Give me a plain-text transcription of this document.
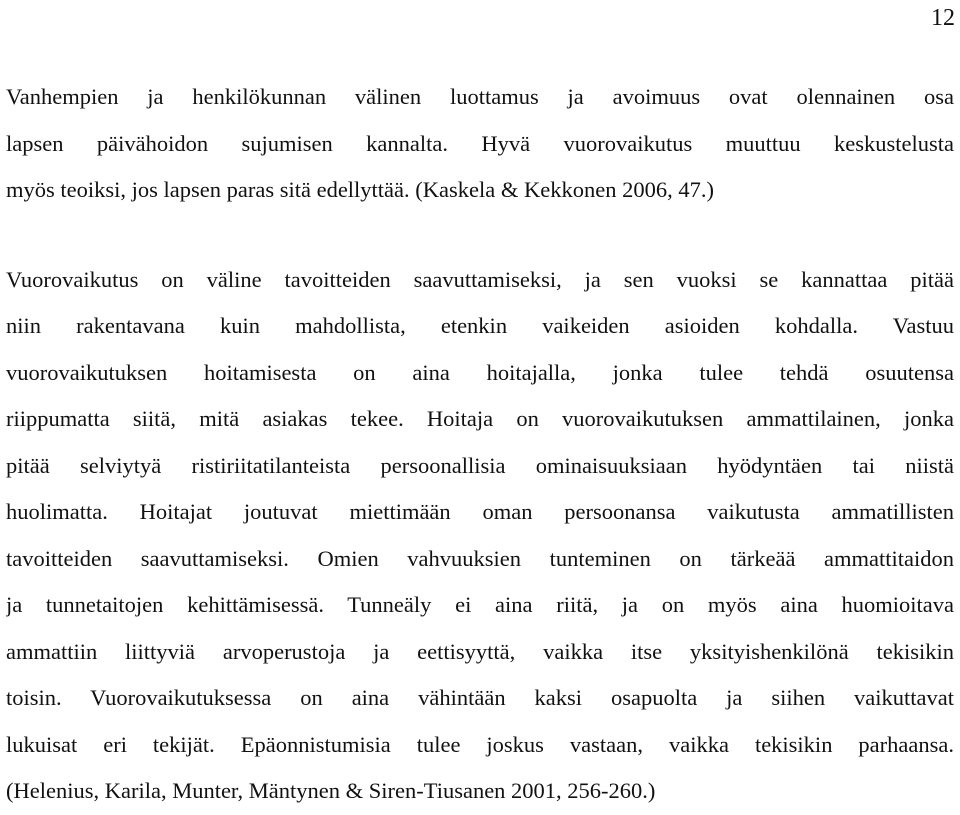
12
Vanhempien ja henkilökunnan välinen luottamus ja avoimuus ovat olennainen osa
lapsen päivähoidon sujumisen kannalta. Hyvä vuorovaikutus muuttuu keskustelusta
myös teoiksi, jos lapsen paras sitä edellyttää. (Kaskela & Kekkonen 2006, 47.)
Vuorovaikutus on väline tavoitteiden saavuttamiseksi, ja sen vuoksi se kannattaa pitää
niin rakentavana kuin mahdollista, etenkin vaikeiden asioiden kohdalla. Vastuu
vuorovaikutuksen hoitamisesta on aina hoitajalla, jonka tulee tehdä osuutensa
riippumatta siitä, mitä asiakas tekee. Hoitaja on vuorovaikutuksen ammattilainen, jonka
pitää selviytyä ristiriitatilanteista persoonallisia ominaisuuksiaan hyödyntäen tai niistä
huolimatta. Hoitajat joutuvat miettimään oman persoonansa vaikutusta ammatillisten
tavoitteiden saavuttamiseksi. Omien vahvuuksien tunteminen on tärkeää ammattitaidon
ja tunnetaitojen kehittämisessä. Tunneäly ei aina riitä, ja on myös aina huomioitava
ammattiin liittyviä arvoperustoja ja eettisyyttä, vaikka itse yksityishenkilönä tekisikin
toisin. Vuorovaikutuksessa on aina vähintään kaksi osapuolta ja siihen vaikuttavat
lukuisat eri tekijät. Epäonnistumisia tulee joskus vastaan, vaikka tekisikin parhaansa.
(Helenius, Karila, Munter, Mäntynen & Siren-Tiusanen 2001, 256-260.)
